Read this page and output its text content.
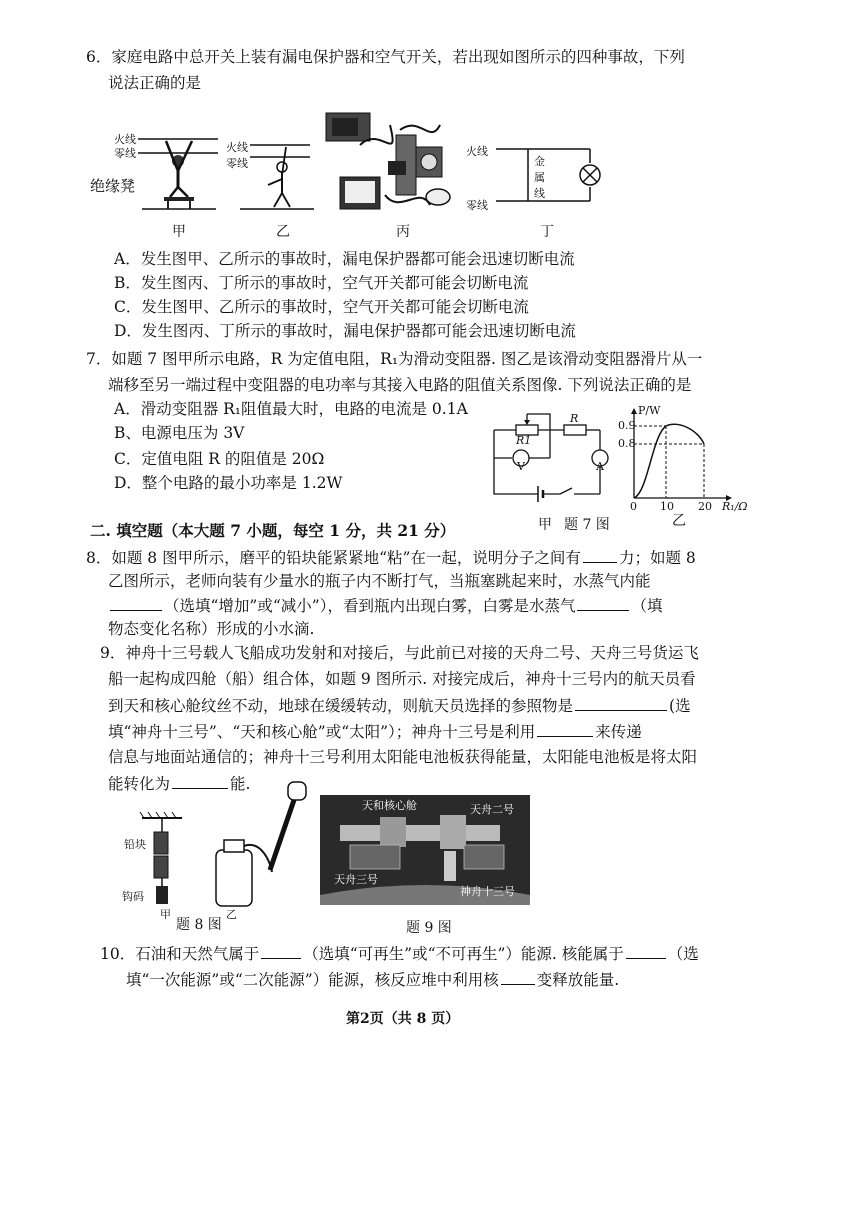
6．家庭电路中总开关上装有漏电保护器和空气开关，若出现如图所示的四种事故，下列
说法正确的是
火线
零线
绝缘凳
火线
零线
火线
零线
金
属
线
甲	乙	丙	丁
A．发生图甲、乙所示的事故时，漏电保护器都可能会迅速切断电流
B．发生图丙、丁所示的事故时，空气开关都可能会切断电流
C．发生图甲、乙所示的事故时，空气开关都可能会切断电流
D．发生图丙、丁所示的事故时，漏电保护器都可能会迅速切断电流
7．如题 7 图甲所示电路，R 为定值电阻，R₁为滑动变阻器. 图乙是该滑动变阻器滑片从一
端移至另一端过程中变阻器的电功率与其接入电路的阻值关系图像. 下列说法正确的是
A．滑动变阻器 R₁阻值最大时，电路的电流是 0.1A
B、电源电压为 3V
C．定值电阻 R 的阻值是 20Ω
D．整个电路的最小功率是 1.2W
R1
R
V	A
甲 题 7 图
P/W
0.9
0.8
0 10 20 R₁/Ω
乙
二. 填空题（本大题 7 小题，每空 1 分，共 21 分）
8．如题 8 图甲所示，磨平的铅块能紧紧地“粘”在一起，说明分子之间有 力；如题 8
乙图所示，老师向装有少量水的瓶子内不断打气，当瓶塞跳起来时，水蒸气内能
（选填“增加”或“减小”），看到瓶内出现白雾，白雾是水蒸气	（填
物态变化名称）形成的小水滴.
9．神舟十三号载人飞船成功发射和对接后，与此前已对接的天舟二号、天舟三号货运飞
船一起构成四舱（船）组合体，如题 9 图所示. 对接完成后，神舟十三号内的航天员看
到天和核心舱纹丝不动，地球在缓缓转动，则航天员选择的参照物是	(选
填“神舟十三号”、“天和核心舱”或“太阳”）；神舟十三号是利用	来传递
信息与地面站通信的；神舟十三号利用太阳能电池板获得能量，太阳能电池板是将太阳
能转化为	能.
铅块
钩码
甲	乙
题 8 图
天和核心舱	天舟二号
天舟三号
神舟十三号
题 9 图
10．石油和天然气属于	（选填“可再生”或“不可再生”）能源. 核能属于	（选
填“一次能源”或“二次能源”）能源，核反应堆中利用核 变释放能量.
第2页（共 8 页）
